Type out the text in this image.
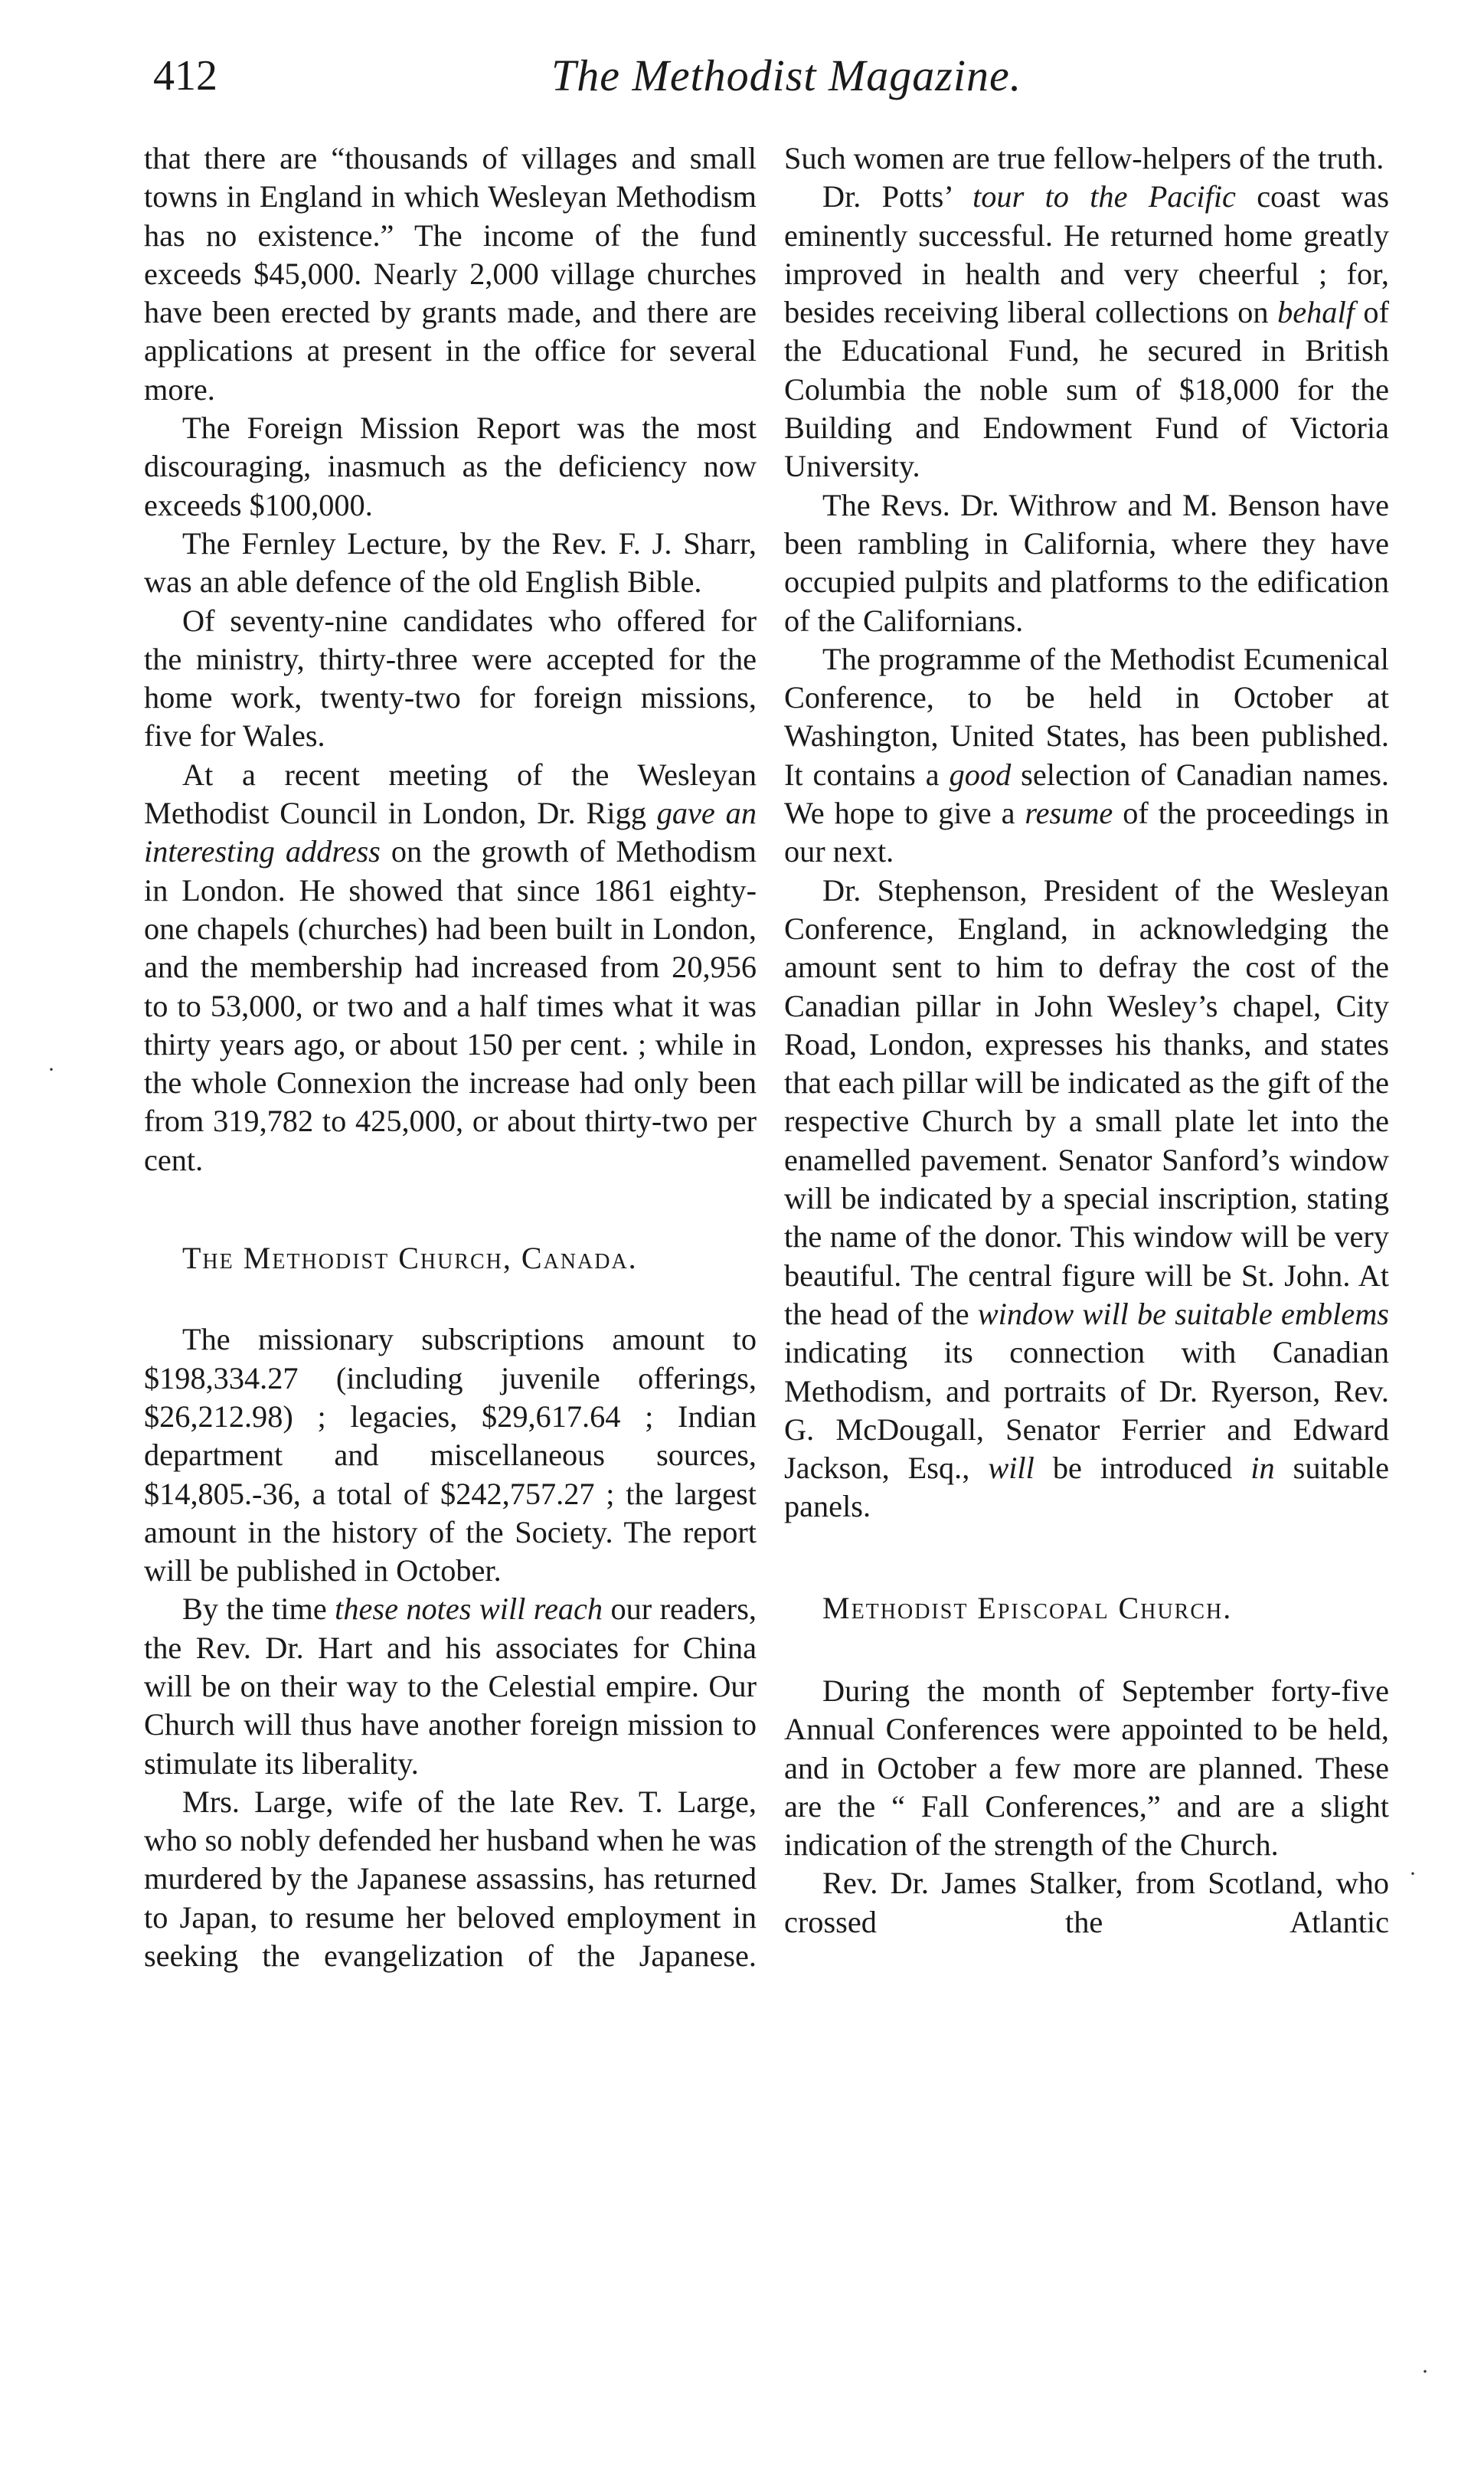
412	The Methodist Magazine.

that there are “thousands of villages and small towns in England in which Wesleyan Methodism has no existence.” The income of the fund exceeds $45,000. Nearly 2,000 village churches have been erected by grants made, and there are applications at present in the office for several more.

The Foreign Mission Report was the most discouraging, inasmuch as the deficiency now exceeds $100,000.

The Fernley Lecture, by the Rev. F. J. Sharr, was an able defence of the old English Bible.

Of seventy-nine candidates who offered for the ministry, thirty-three were accepted for the home work, twenty-two for foreign missions, five for Wales.

At a recent meeting of the Wesleyan Methodist Council in London, Dr. Rigg gave an interesting address on the growth of Methodism in London. He showed that since 1861 eighty-one chapels (churches) had been built in London, and the membership had increased from 20,956 to to 53,000, or two and a half times what it was thirty years ago, or about 150 per cent. ; while in the whole Connexion the increase had only been from 319,782 to 425,000, or about thirty-two per cent.

The Methodist Church, Canada.

The missionary subscriptions amount to $198,334.27 (including juvenile offerings, $26,212.98) ; legacies, $29,617.64 ; Indian department and miscellaneous sources, $14,805.-36, a total of $242,757.27 ; the largest amount in the history of the Society. The report will be published in October.

By the time these notes will reach our readers, the Rev. Dr. Hart and his associates for China will be on their way to the Celestial empire. Our Church will thus have another foreign mission to stimulate its liberality.

Mrs. Large, wife of the late Rev. T. Large, who so nobly defended her husband when he was murdered by the Japanese assassins, has returned to Japan, to resume her beloved employment in seeking the evangelization of the Japanese.

Such women are true fellow-helpers of the truth.

Dr. Potts’ tour to the Pacific coast was eminently successful. He returned home greatly improved in health and very cheerful ; for, besides receiving liberal collections on behalf of the Educational Fund, he secured in British Columbia the noble sum of $18,000 for the Building and Endowment Fund of Victoria University.

The Revs. Dr. Withrow and M. Benson have been rambling in California, where they have occupied pulpits and platforms to the edification of the Californians.

The programme of the Methodist Ecumenical Conference, to be held in October at Washington, United States, has been published. It contains a good selection of Canadian names. We hope to give a resume of the proceedings in our next.

Dr. Stephenson, President of the Wesleyan Conference, England, in acknowledging the amount sent to him to defray the cost of the Canadian pillar in John Wesley’s chapel, City Road, London, expresses his thanks, and states that each pillar will be indicated as the gift of the respective Church by a small plate let into the enamelled pavement. Senator Sanford’s window will be indicated by a special inscription, stating the name of the donor. This window will be very beautiful. The central figure will be St. John. At the head of the window will be suitable emblems indicating its connection with Canadian Methodism, and portraits of Dr. Ryerson, Rev. G. McDougall, Senator Ferrier and Edward Jackson, Esq., will be introduced in suitable panels.

Methodist Episcopal Church.

During the month of September forty-five Annual Conferences were appointed to be held, and in October a few more are planned. These are the “ Fall Conferences,” and are a slight indication of the strength of the Church.

Rev. Dr. James Stalker, from Scotland, who crossed the Atlantic

·
·
·
